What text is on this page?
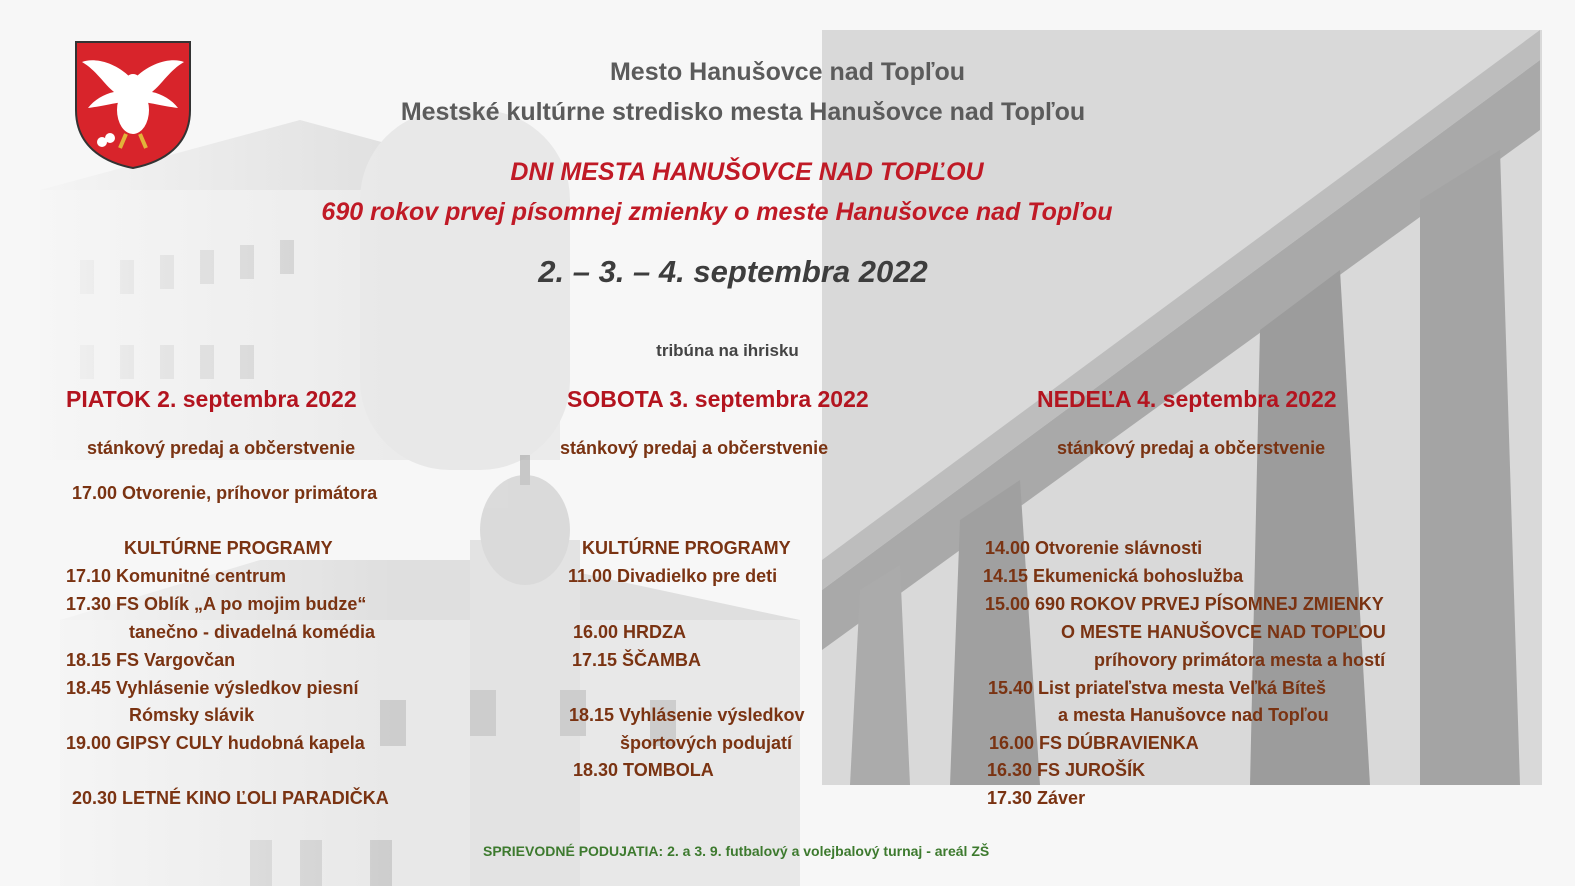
Mesto Hanušovce nad Topľou
Mestské kultúrne stredisko mesta Hanušovce nad Topľou
DNI MESTA HANUŠOVCE NAD TOPĽOU
690 rokov prvej písomnej zmienky o meste Hanušovce nad Topľou
2. – 3. – 4. septembra 2022
tribúna na ihrisku
PIATOK 2. septembra 2022
stánkový predaj a občerstvenie
17.00 Otvorenie, príhovor primátora
KULTÚRNE PROGRAMY
17.10 Komunitné centrum
17.30 FS Oblík „A po mojim budze“
tanečno - divadelná komédia
18.15 FS Vargovčan
18.45 Vyhlásenie výsledkov piesní
Rómsky slávik
19.00 GIPSY CULY hudobná kapela
20.30 LETNÉ KINO ĽOLI PARADIČKA
SOBOTA 3. septembra 2022
stánkový predaj a občerstvenie
KULTÚRNE PROGRAMY
11.00 Divadielko pre deti
16.00 HRDZA
17.15 ŠČAMBA
18.15 Vyhlásenie výsledkov
športových podujatí
18.30 TOMBOLA
NEDEĽA 4. septembra 2022
stánkový predaj a občerstvenie
14.00 Otvorenie slávnosti
14.15 Ekumenická bohoslužba
15.00 690 ROKOV PRVEJ PÍSOMNEJ ZMIENKY
O MESTE HANUŠOVCE NAD TOPĽOU
príhovory primátora mesta a hostí
15.40 List priateľstva mesta Veľká Bíteš
a mesta Hanušovce nad Topľou
16.00 FS DÚBRAVIENKA
16.30 FS JUROŠÍK
17.30 Záver
SPRIEVODNÉ PODUJATIA: 2. a 3. 9. futbalový a volejbalový turnaj - areál ZŠ
